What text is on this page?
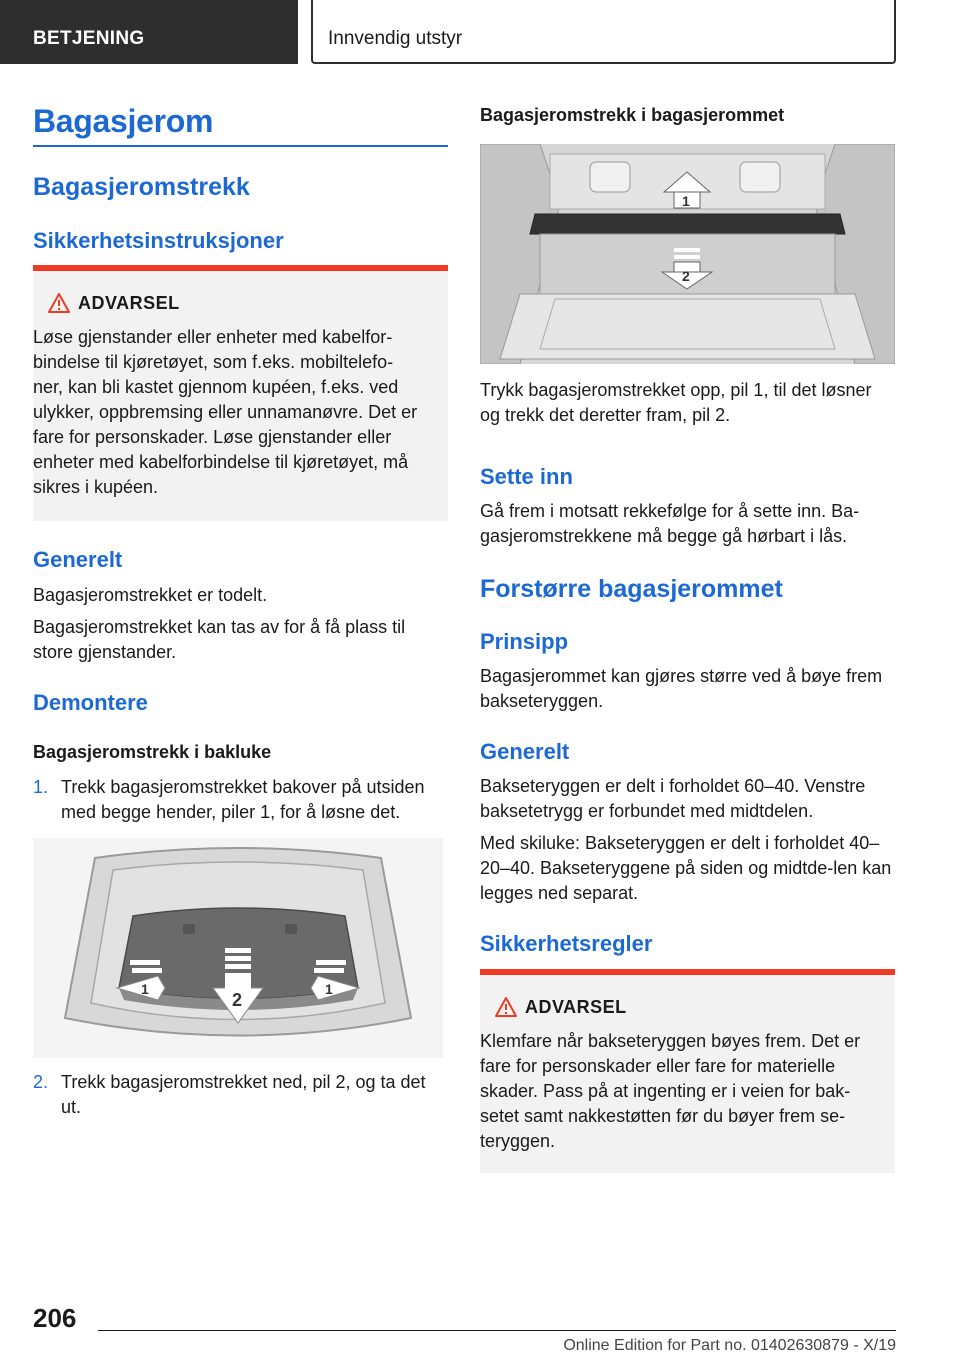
BETJENING	Innvendig utstyr
Bagasjerom
Bagasjeromstrekk
Sikkerhetsinstruksjoner
ADVARSEL
Løse gjenstander eller enheter med kabelfor-bindelse til kjøretøyet, som f.eks. mobiltelefo-ner, kan bli kastet gjennom kupéen, f.eks. ved ulykker, oppbremsing eller unnamanøvre. Det er fare for personskader. Løse gjenstander eller enheter med kabelforbindelse til kjøretøyet, må sikres i kupéen.
Generelt
Bagasjeromstrekket er todelt.
Bagasjeromstrekket kan tas av for å få plass til store gjenstander.
Demontere
Bagasjeromstrekk i bakluke
1. Trekk bagasjeromstrekket bakover på utsiden med begge hender, piler 1, for å løsne det.
1
2
1
2. Trekk bagasjeromstrekket ned, pil 2, og ta det ut.
Bagasjeromstrekk i bagasjerommet
1
2
Trykk bagasjeromstrekket opp, pil 1, til det løsner og trekk det deretter fram, pil 2.
Sette inn
Gå frem i motsatt rekkefølge for å sette inn. Ba-gasjeromstrekkene må begge gå hørbart i lås.
Forstørre bagasjerommet
Prinsipp
Bagasjerommet kan gjøres større ved å bøye frem bakseteryggen.
Generelt
Bakseteryggen er delt i forholdet 60–40. Venstre baksetetrygg er forbundet med midtdelen.
Med skiluke: Bakseteryggen er delt i forholdet 40–20–40. Bakseteryggene på siden og midtde-len kan legges ned separat.
Sikkerhetsregler
ADVARSEL
Klemfare når bakseteryggen bøyes frem. Det er fare for personskader eller fare for materielle skader. Pass på at ingenting er i veien for bak-setet samt nakkestøtten før du bøyer frem se-teryggen.
206
Online Edition for Part no. 01402630879 - X/19
